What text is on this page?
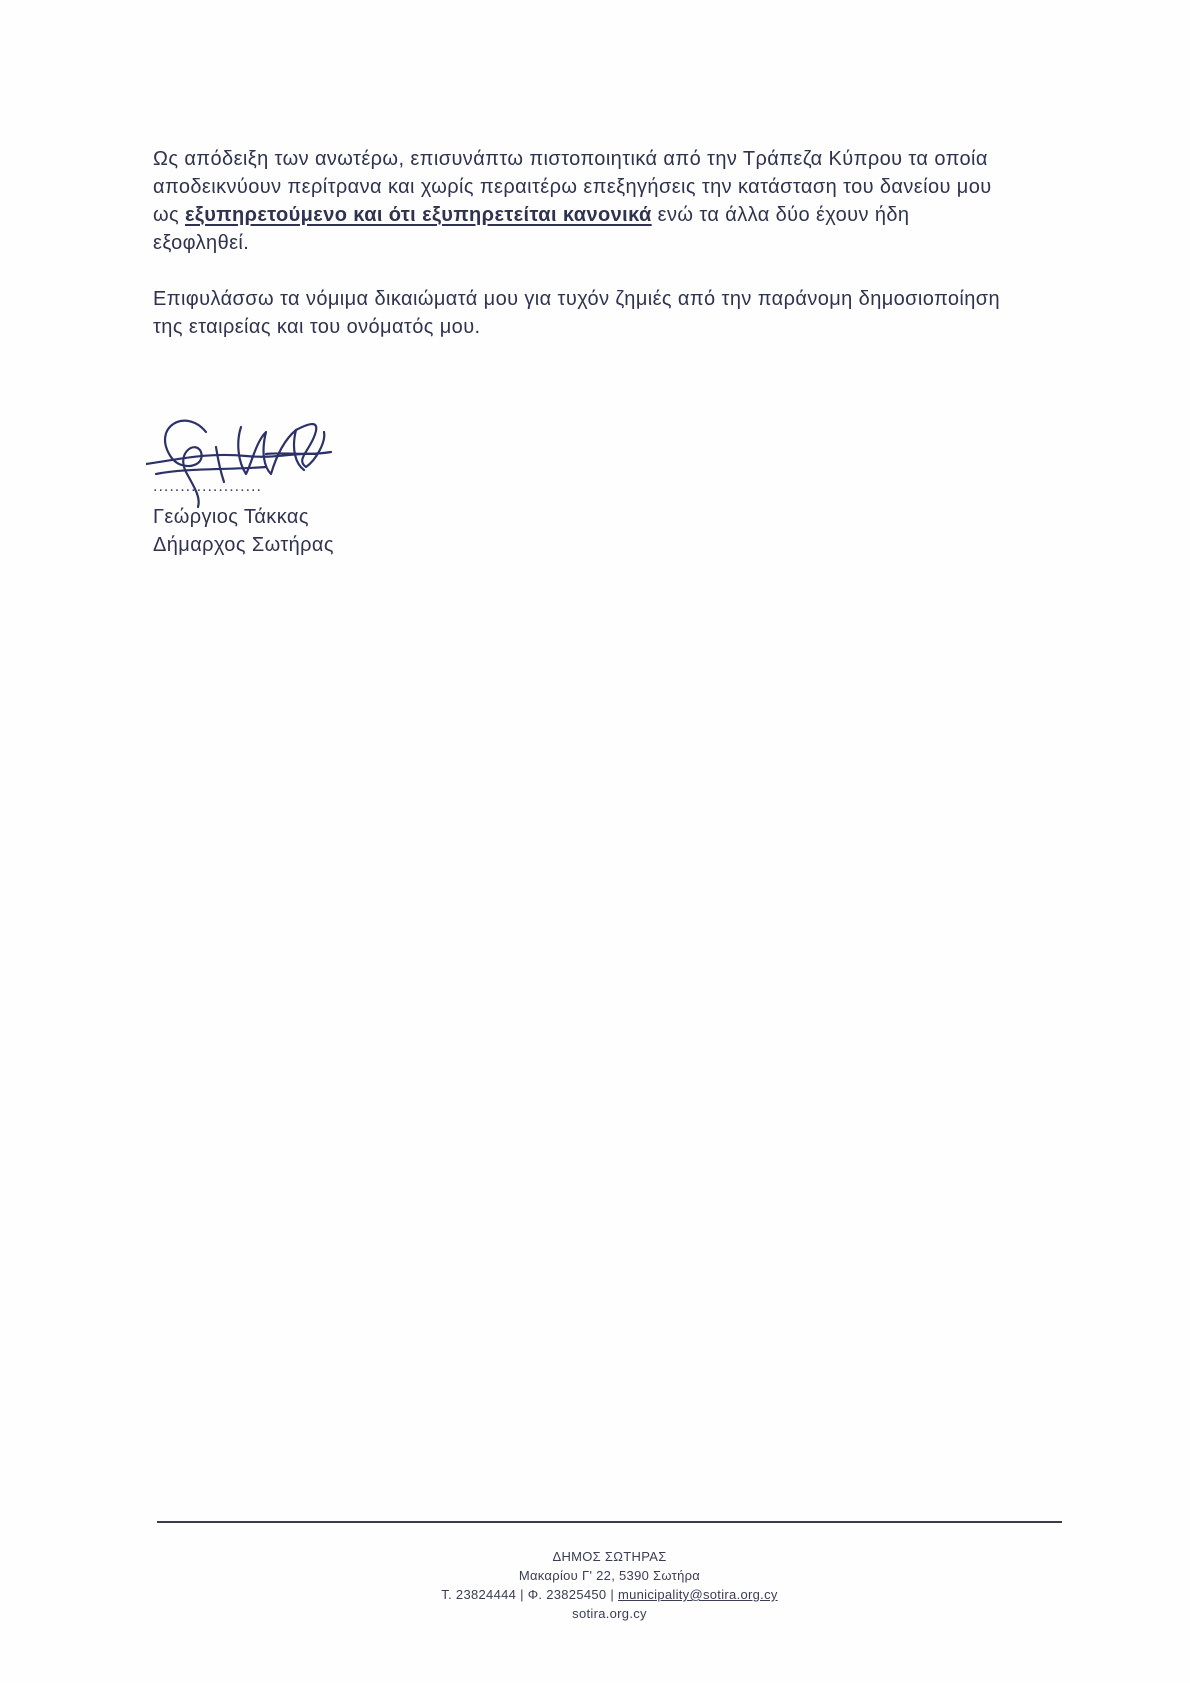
Ως απόδειξη των ανωτέρω, επισυνάπτω πιστοποιητικά από την Τράπεζα Κύπρου τα οποία
αποδεικνύουν περίτρανα και χωρίς περαιτέρω επεξηγήσεις την κατάσταση του δανείου μου
ως εξυπηρετούμενο και ότι εξυπηρετείται κανονικά ενώ τα άλλα δύο έχουν ήδη
εξοφληθεί.
Επιφυλάσσω τα νόμιμα δικαιώματά μου για τυχόν ζημιές από την παράνομη δημοσιοποίηση
της εταιρείας και του ονόματός μου.
....................
Γεώργιος Τάκκας
Δήμαρχος Σωτήρας
ΔΗΜΟΣ ΣΩΤΗΡΑΣ
Μακαρίου Γ' 22, 5390 Σωτήρα
Τ. 23824444 | Φ. 23825450 | municipality@sotira.org.cy
sotira.org.cy
